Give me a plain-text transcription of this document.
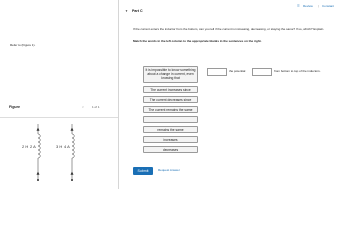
☰ Review | Constant
▼ Part C
Refer to (Figure 1).
Figure	<	1 of 1
2 H 2 A	3 H 4 A
If the current enters the inductor from the bottom, can you tell if the current is increasing, decreasing, or staying the same? If so, which? Explain.
Match the words in the left column to the appropriate blanks in the sentences on the right.
It is impossible to know something about a change in current, even knowing that
The current increases since
The current decreases since
The current remains the same
remains the same
increases
decreases
the potential	from bottom to top of the inductors.
Submit	Request Answer
